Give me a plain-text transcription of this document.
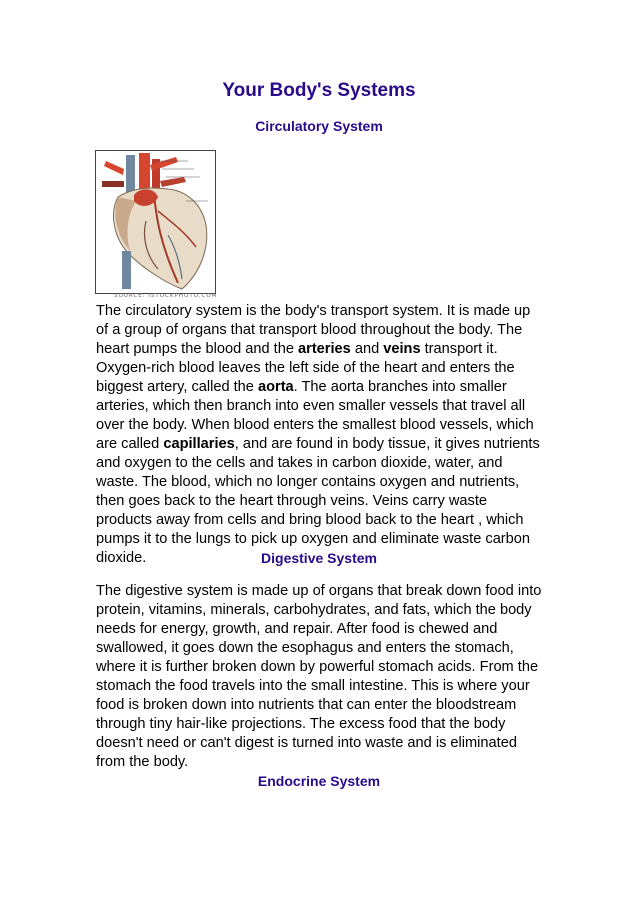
Your Body's Systems
Circulatory System
SOURCE: ISTOCKPHOTO.COM

The circulatory system is the body's transport system. It is made up of a group of organs that transport blood throughout the body. The heart pumps the blood and the arteries and veins transport it. Oxygen-rich blood leaves the left side of the heart and enters the biggest artery, called the aorta. The aorta branches into smaller arteries, which then branch into even smaller vessels that travel all over the body. When blood enters the smallest blood vessels, which are called capillaries, and are found in body tissue, it gives nutrients and oxygen to the cells and takes in carbon dioxide, water, and waste. The blood, which no longer contains oxygen and nutrients, then goes back to the heart through veins. Veins carry waste products away from cells and bring blood back to the heart , which pumps it to the lungs to pick up oxygen and eliminate waste carbon dioxide.	Digestive System

The digestive system is made up of organs that break down food into protein, vitamins, minerals, carbohydrates, and fats, which the body needs for energy, growth, and repair. After food is chewed and swallowed, it goes down the esophagus and enters the stomach, where it is further broken down by powerful stomach acids. From the stomach the food travels into the small intestine. This is where your food is broken down into nutrients that can enter the bloodstream through tiny hair-like projections. The excess food that the body doesn't need or can't digest is turned into waste and is eliminated from the body.

Endocrine System
